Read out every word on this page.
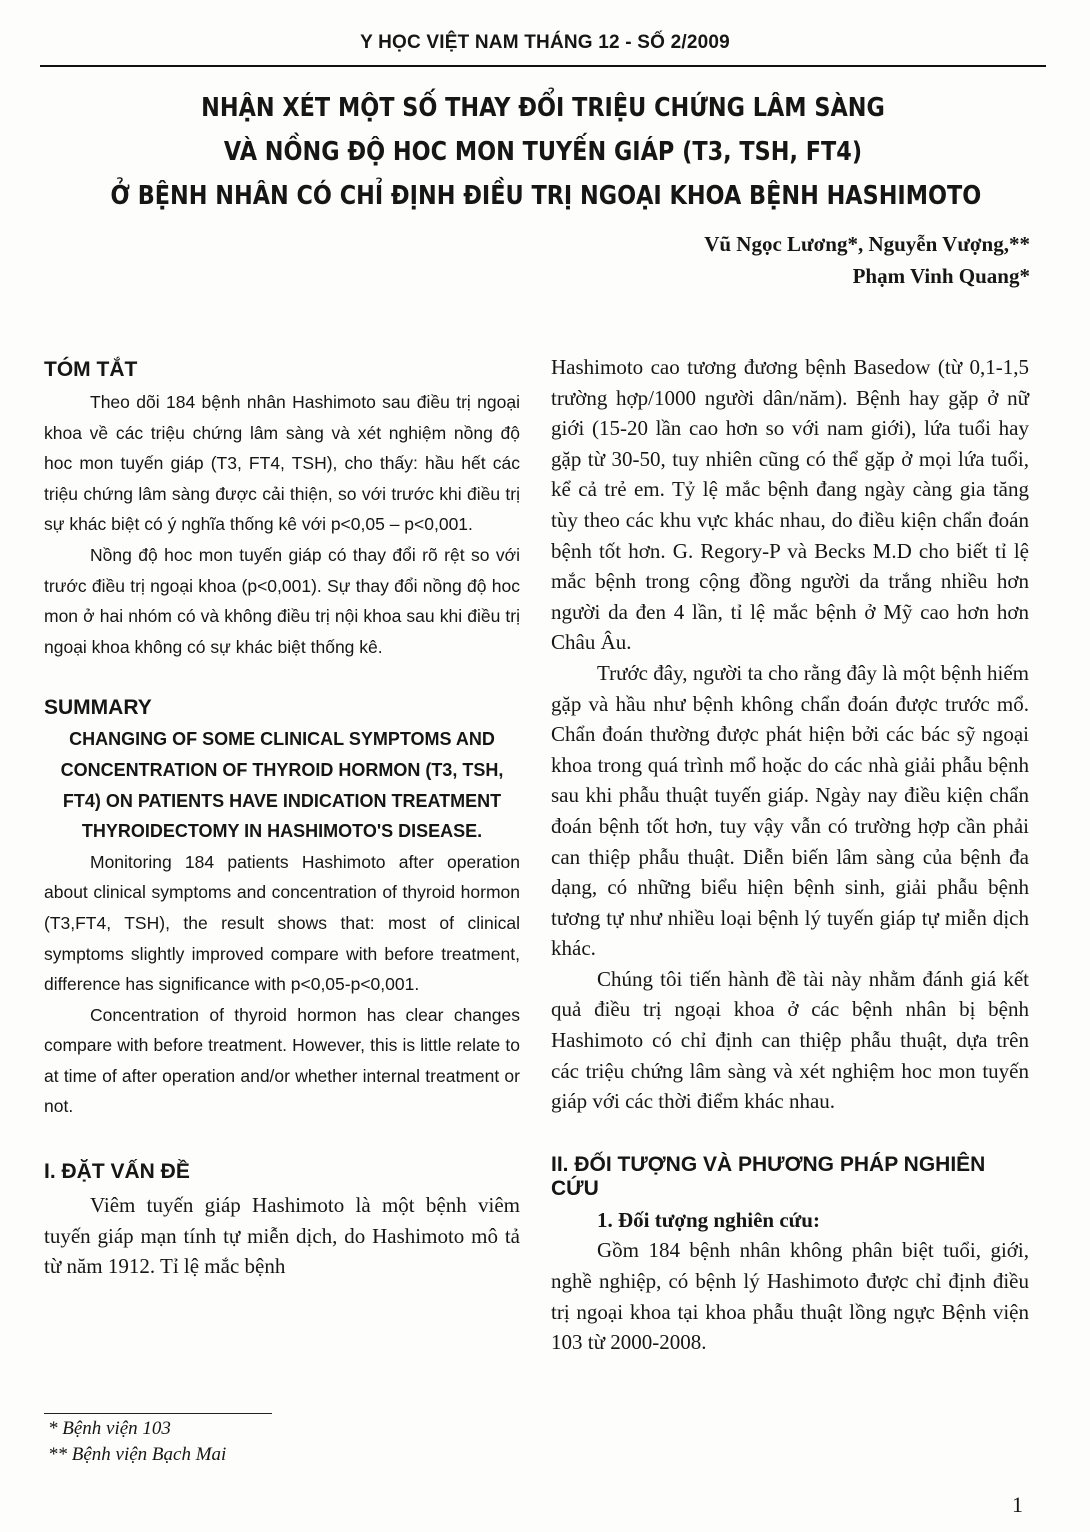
Y HỌC VIỆT NAM THÁNG 12 - SỐ 2/2009
NHẬN XÉT MỘT SỐ THAY ĐỔI TRIỆU CHỨNG LÂM SÀNG
VÀ NỒNG ĐỘ HOC MON TUYẾN GIÁP (T3, TSH, FT4)
Ở BỆNH NHÂN CÓ CHỈ ĐỊNH ĐIỀU TRỊ NGOẠI KHOA BỆNH HASHIMOTO
Vũ Ngọc Lương*, Nguyễn Vượng,**
Phạm Vinh Quang*
TÓM TẮT

Theo dõi 184 bệnh nhân Hashimoto sau điều trị ngoại khoa về các triệu chứng lâm sàng và xét nghiệm nồng độ hoc mon tuyến giáp (T3, FT4, TSH), cho thấy: hầu hết các triệu chứng lâm sàng được cải thiện, so với trước khi điều trị sự khác biệt có ý nghĩa thống kê với p<0,05 – p<0,001.

Nồng độ hoc mon tuyến giáp có thay đổi rõ rệt so với trước điều trị ngoại khoa (p<0,001). Sự thay đổi nồng độ hoc mon ở hai nhóm có và không điều trị nội khoa sau khi điều trị ngoại khoa không có sự khác biệt thống kê.

SUMMARY

CHANGING OF SOME CLINICAL SYMPTOMS AND CONCENTRATION OF THYROID HORMON (T3, TSH, FT4) ON PATIENTS HAVE INDICATION TREATMENT THYROIDECTOMY IN HASHIMOTO'S DISEASE.

Monitoring 184 patients Hashimoto after operation about clinical symptoms and concentration of thyroid hormon (T3,FT4, TSH), the result shows that: most of clinical symptoms slightly improved compare with before treatment, difference has significance with p<0,05-p<0,001.

Concentration of thyroid hormon has clear changes compare with before treatment. However, this is little relate to at time of after operation and/or whether internal treatment or not.

I. ĐẶT VẤN ĐỀ

Viêm tuyến giáp Hashimoto là một bệnh viêm tuyến giáp mạn tính tự miễn dịch, do Hashimoto mô tả từ năm 1912. Tỉ lệ mắc bệnh

Hashimoto cao tương đương bệnh Basedow (từ 0,1-1,5 trường hợp/1000 người dân/năm). Bệnh hay gặp ở nữ giới (15-20 lần cao hơn so với nam giới), lứa tuổi hay gặp từ 30-50, tuy nhiên cũng có thể gặp ở mọi lứa tuổi, kể cả trẻ em. Tỷ lệ mắc bệnh đang ngày càng gia tăng tùy theo các khu vực khác nhau, do điều kiện chẩn đoán bệnh tốt hơn. G. Regory-P và Becks M.D cho biết tỉ lệ mắc bệnh trong cộng đồng người da trắng nhiều hơn người da đen 4 lần, tỉ lệ mắc bệnh ở Mỹ cao hơn hơn Châu Âu.

Trước đây, người ta cho rằng đây là một bệnh hiếm gặp và hầu như bệnh không chẩn đoán được trước mổ. Chẩn đoán thường được phát hiện bởi các bác sỹ ngoại khoa trong quá trình mổ hoặc do các nhà giải phẫu bệnh sau khi phẫu thuật tuyến giáp. Ngày nay điều kiện chẩn đoán bệnh tốt hơn, tuy vậy vẫn có trường hợp cần phải can thiệp phẫu thuật. Diễn biến lâm sàng của bệnh đa dạng, có những biểu hiện bệnh sinh, giải phẫu bệnh tương tự như nhiều loại bệnh lý tuyến giáp tự miễn dịch khác.

Chúng tôi tiến hành đề tài này nhằm đánh giá kết quả điều trị ngoại khoa ở các bệnh nhân bị bệnh Hashimoto có chỉ định can thiệp phẫu thuật, dựa trên các triệu chứng lâm sàng và xét nghiệm hoc mon tuyến giáp với các thời điểm khác nhau.

II. ĐỐI TƯỢNG VÀ PHƯƠNG PHÁP NGHIÊN CỨU

1. Đối tượng nghiên cứu:

Gồm 184 bệnh nhân không phân biệt tuổi, giới, nghề nghiệp, có bệnh lý Hashimoto được chỉ định điều trị ngoại khoa tại khoa phẫu thuật lồng ngực Bệnh viện 103 từ 2000-2008.

* Bệnh viện 103
** Bệnh viện Bạch Mai
1
